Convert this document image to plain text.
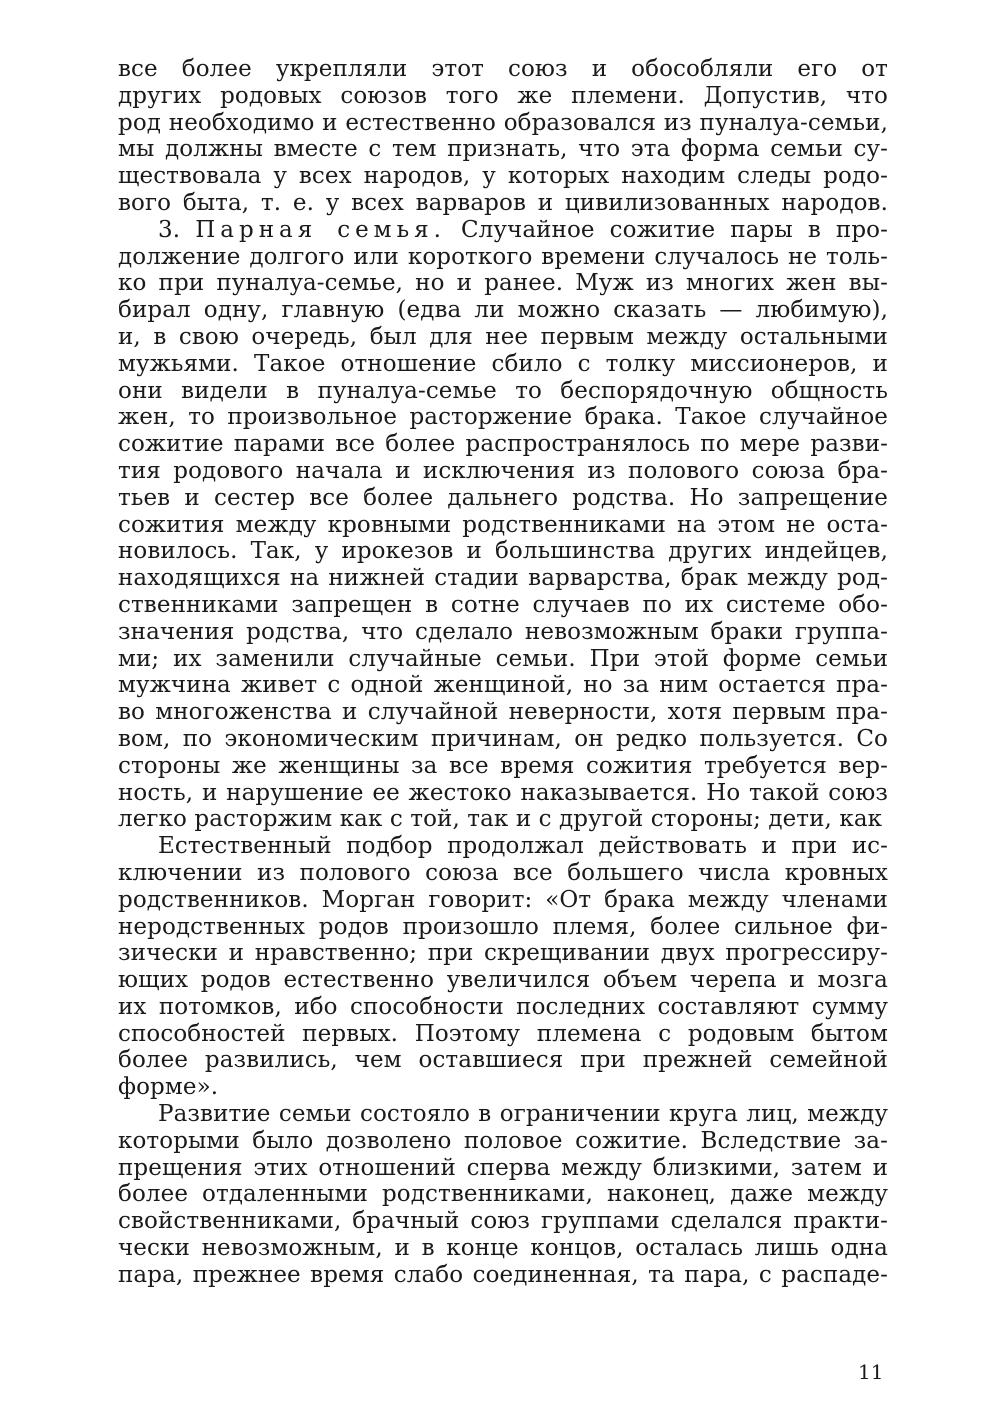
все более укрепляли этот союз и обособляли его от
других родовых союзов того же племени. Допустив, что
род необходимо и естественно образовался из пуналуа-семьи,
мы должны вместе с тем признать, что эта форма семьи су-
ществовала у всех народов, у которых находим следы родо-
вого быта, т. е. у всех варваров и цивилизованных народов.
3. Парная семья. Случайное сожитие пары в про-
должение долгого или короткого времени случалось не толь-
ко при пуналуа-семье, но и ранее. Муж из многих жен вы-
бирал одну, главную (едва ли можно сказать — любимую),
и, в свою очередь, был для нее первым между остальными
мужьями. Такое отношение сбило с толку миссионеров, и
они видели в пуналуа-семье то беспорядочную общность
жен, то произвольное расторжение брака. Такое случайное
сожитие парами все более распространялось по мере разви-
тия родового начала и исключения из полового союза бра-
тьев и сестер все более дальнего родства. Но запрещение
сожития между кровными родственниками на этом не оста-
новилось. Так, у ирокезов и большинства других индейцев,
находящихся на нижней стадии варварства, брак между род-
ственниками запрещен в сотне случаев по их системе обо-
значения родства, что сделало невозможным браки группа-
ми; их заменили случайные семьи. При этой форме семьи
мужчина живет с одной женщиной, но за ним остается пра-
во многоженства и случайной неверности, хотя первым пра-
вом, по экономическим причинам, он редко пользуется. Со
стороны же женщины за все время сожития требуется вер-
ность, и нарушение ее жестоко наказывается. Но такой союз
легко расторжим как с той, так и с другой стороны; дети, как
Естественный подбор продолжал действовать и при ис-
ключении из полового союза все большего числа кровных
родственников. Морган говорит: «От брака между членами
неродственных родов произошло племя, более сильное фи-
зически и нравственно; при скрещивании двух прогрессиру-
ющих родов естественно увеличился объем черепа и мозга
их потомков, ибо способности последних составляют сумму
способностей первых. Поэтому племена с родовым бытом
более развились, чем оставшиеся при прежней семейной
форме».
Развитие семьи состояло в ограничении круга лиц, между
которыми было дозволено половое сожитие. Вследствие за-
прещения этих отношений сперва между близкими, затем и
более отдаленными родственниками, наконец, даже между
свойственниками, брачный союз группами сделался практи-
чески невозможным, и в конце концов, осталась лишь одна
пара, прежнее время слабо соединенная, та пара, с распаде-
11
